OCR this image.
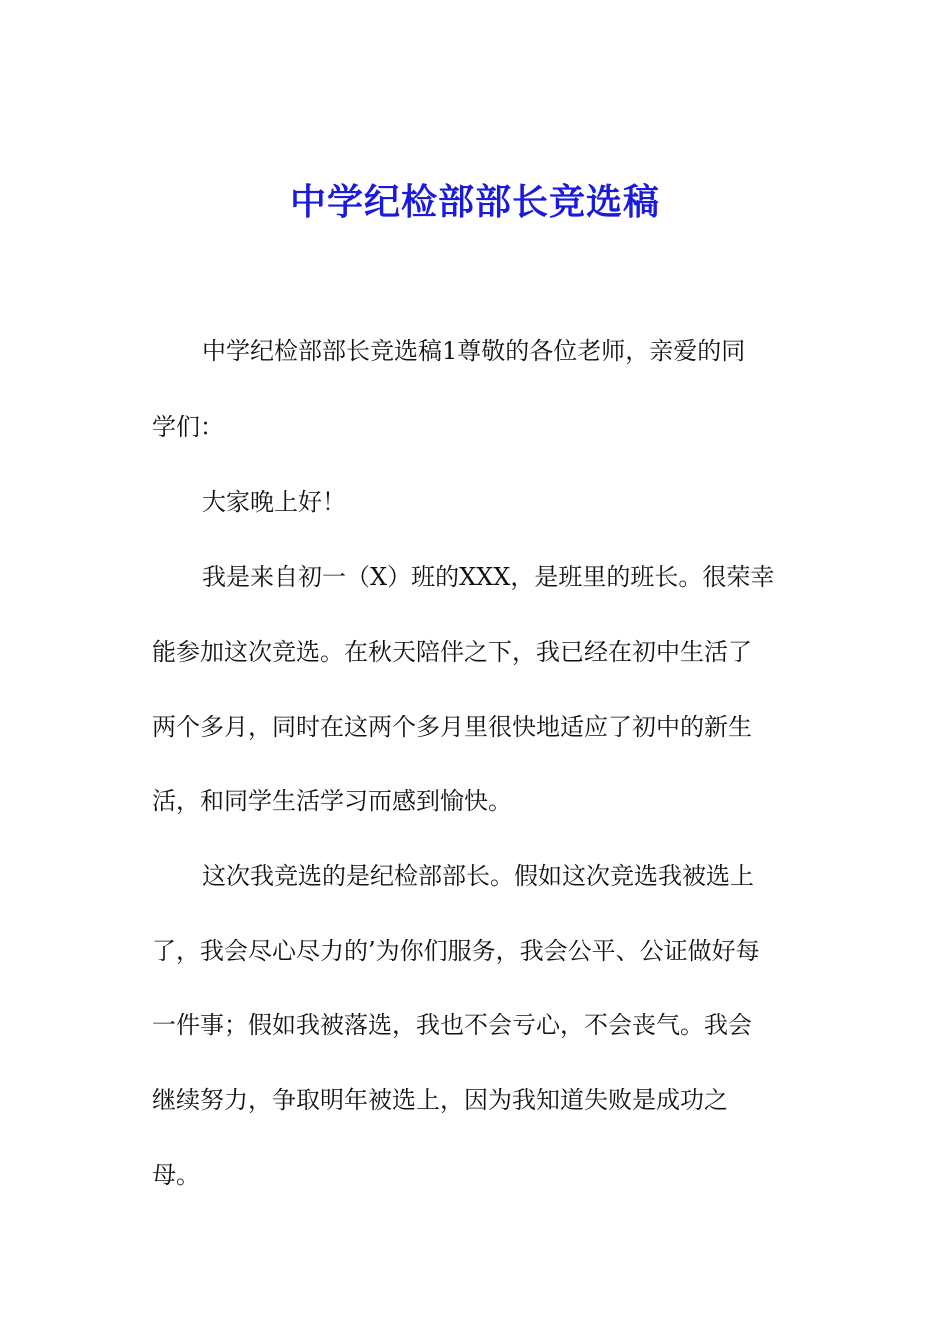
中学纪检部部长竞选稿

中学纪检部部长竞选稿1尊敬的各位老师，亲爱的同

学们：

大家晚上好！

我是来自初一（X）班的XXX，是班里的班长。很荣幸

能参加这次竞选。在秋天陪伴之下，我已经在初中生活了

两个多月，同时在这两个多月里很快地适应了初中的新生

活，和同学生活学习而感到愉快。

这次我竞选的是纪检部部长。假如这次竞选我被选上

了，我会尽心尽力的’为你们服务，我会公平、公证做好每

一件事；假如我被落选，我也不会亏心，不会丧气。我会

继续努力，争取明年被选上，因为我知道失败是成功之

母。
